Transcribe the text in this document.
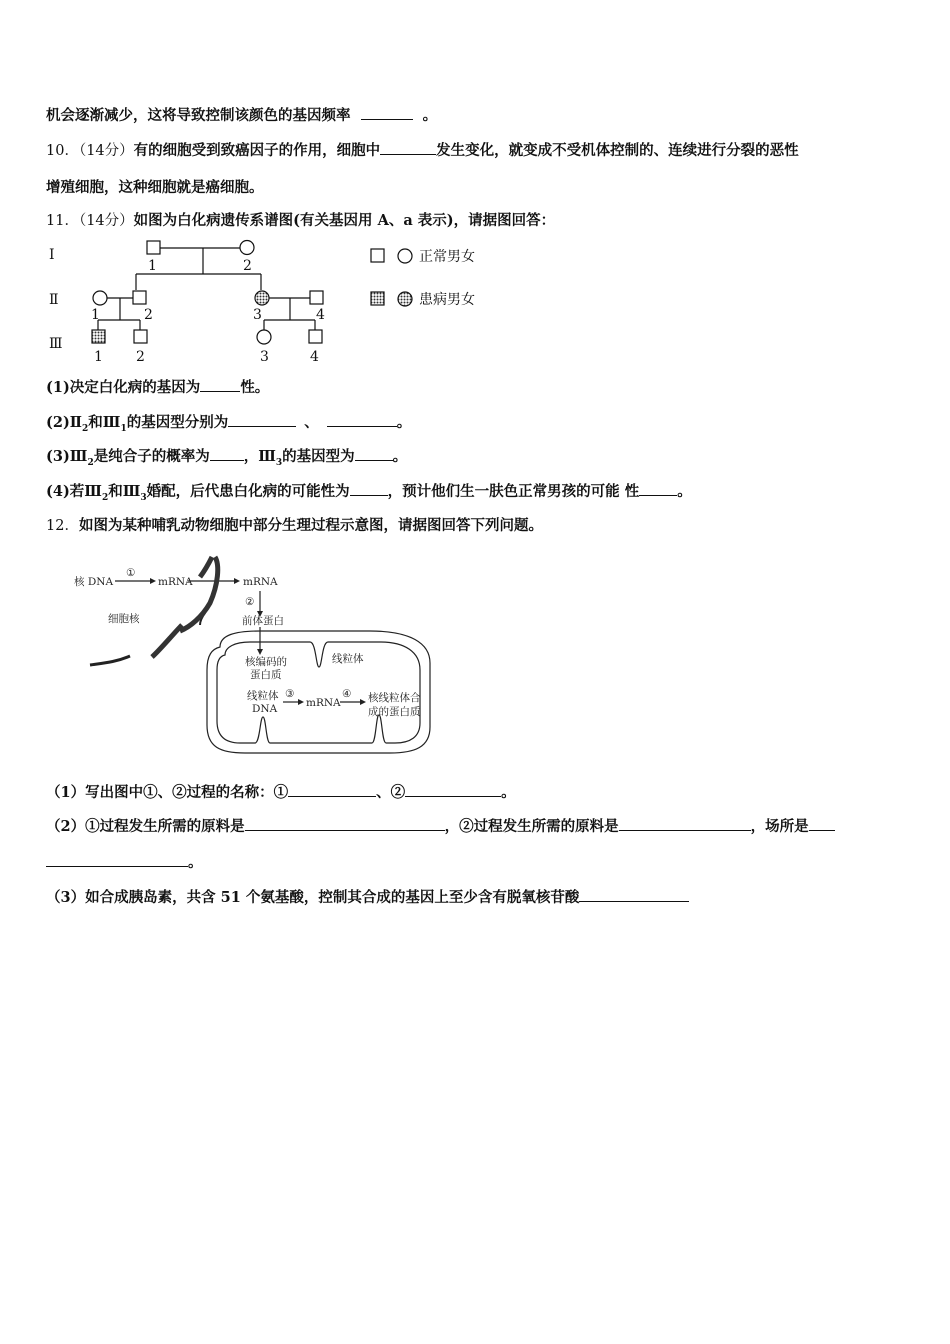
机会逐渐减少，这将导致控制该颜色的基因频率	。
10．（14分）有的细胞受到致癌因子的作用，细胞中	发生变化，就变成不受机体控制的、连续进行分裂的恶性
增殖细胞，这种细胞就是癌细胞。
11．（14分）如图为白化病遗传系谱图(有关基因用 A、a 表示)，请据图回答：
Ⅰ
Ⅱ
Ⅲ
1	2
1	2	3	4
1 2	3	4
正常男女
患病男女
(1)决定白化病的基因为	性。
$(2)Ⅱ_2$和$Ⅲ_1$的基因型分别为	、	。
$(3)Ⅲ_2$是纯合子的概率为 ，$Ⅲ_3$的基因型为	。
(4)若$Ⅲ_2$和$Ⅲ_3$婚配，后代患白化病的可能性为	，预计他们生一肤色正常男孩的可能 性	。
12．如图为某种哺乳动物细胞中部分生理过程示意图，请据图回答下列问题。
核 DNA
①
mRNA	mRNA
②
前体蛋白
细胞核
核编码的
蛋白质
线粒体
线粒体
DNA
③
mRNA
④ 核线粒体合
成的蛋白质
（1）写出图中①、②过程的名称：①	、②	。
（2）①过程发生所需的原料是	，②过程发生所需的原料是	，场所是
。
（3）如合成胰岛素，共含 51 个氨基酸，控制其合成的基因上至少含有脱氧核苷酸
